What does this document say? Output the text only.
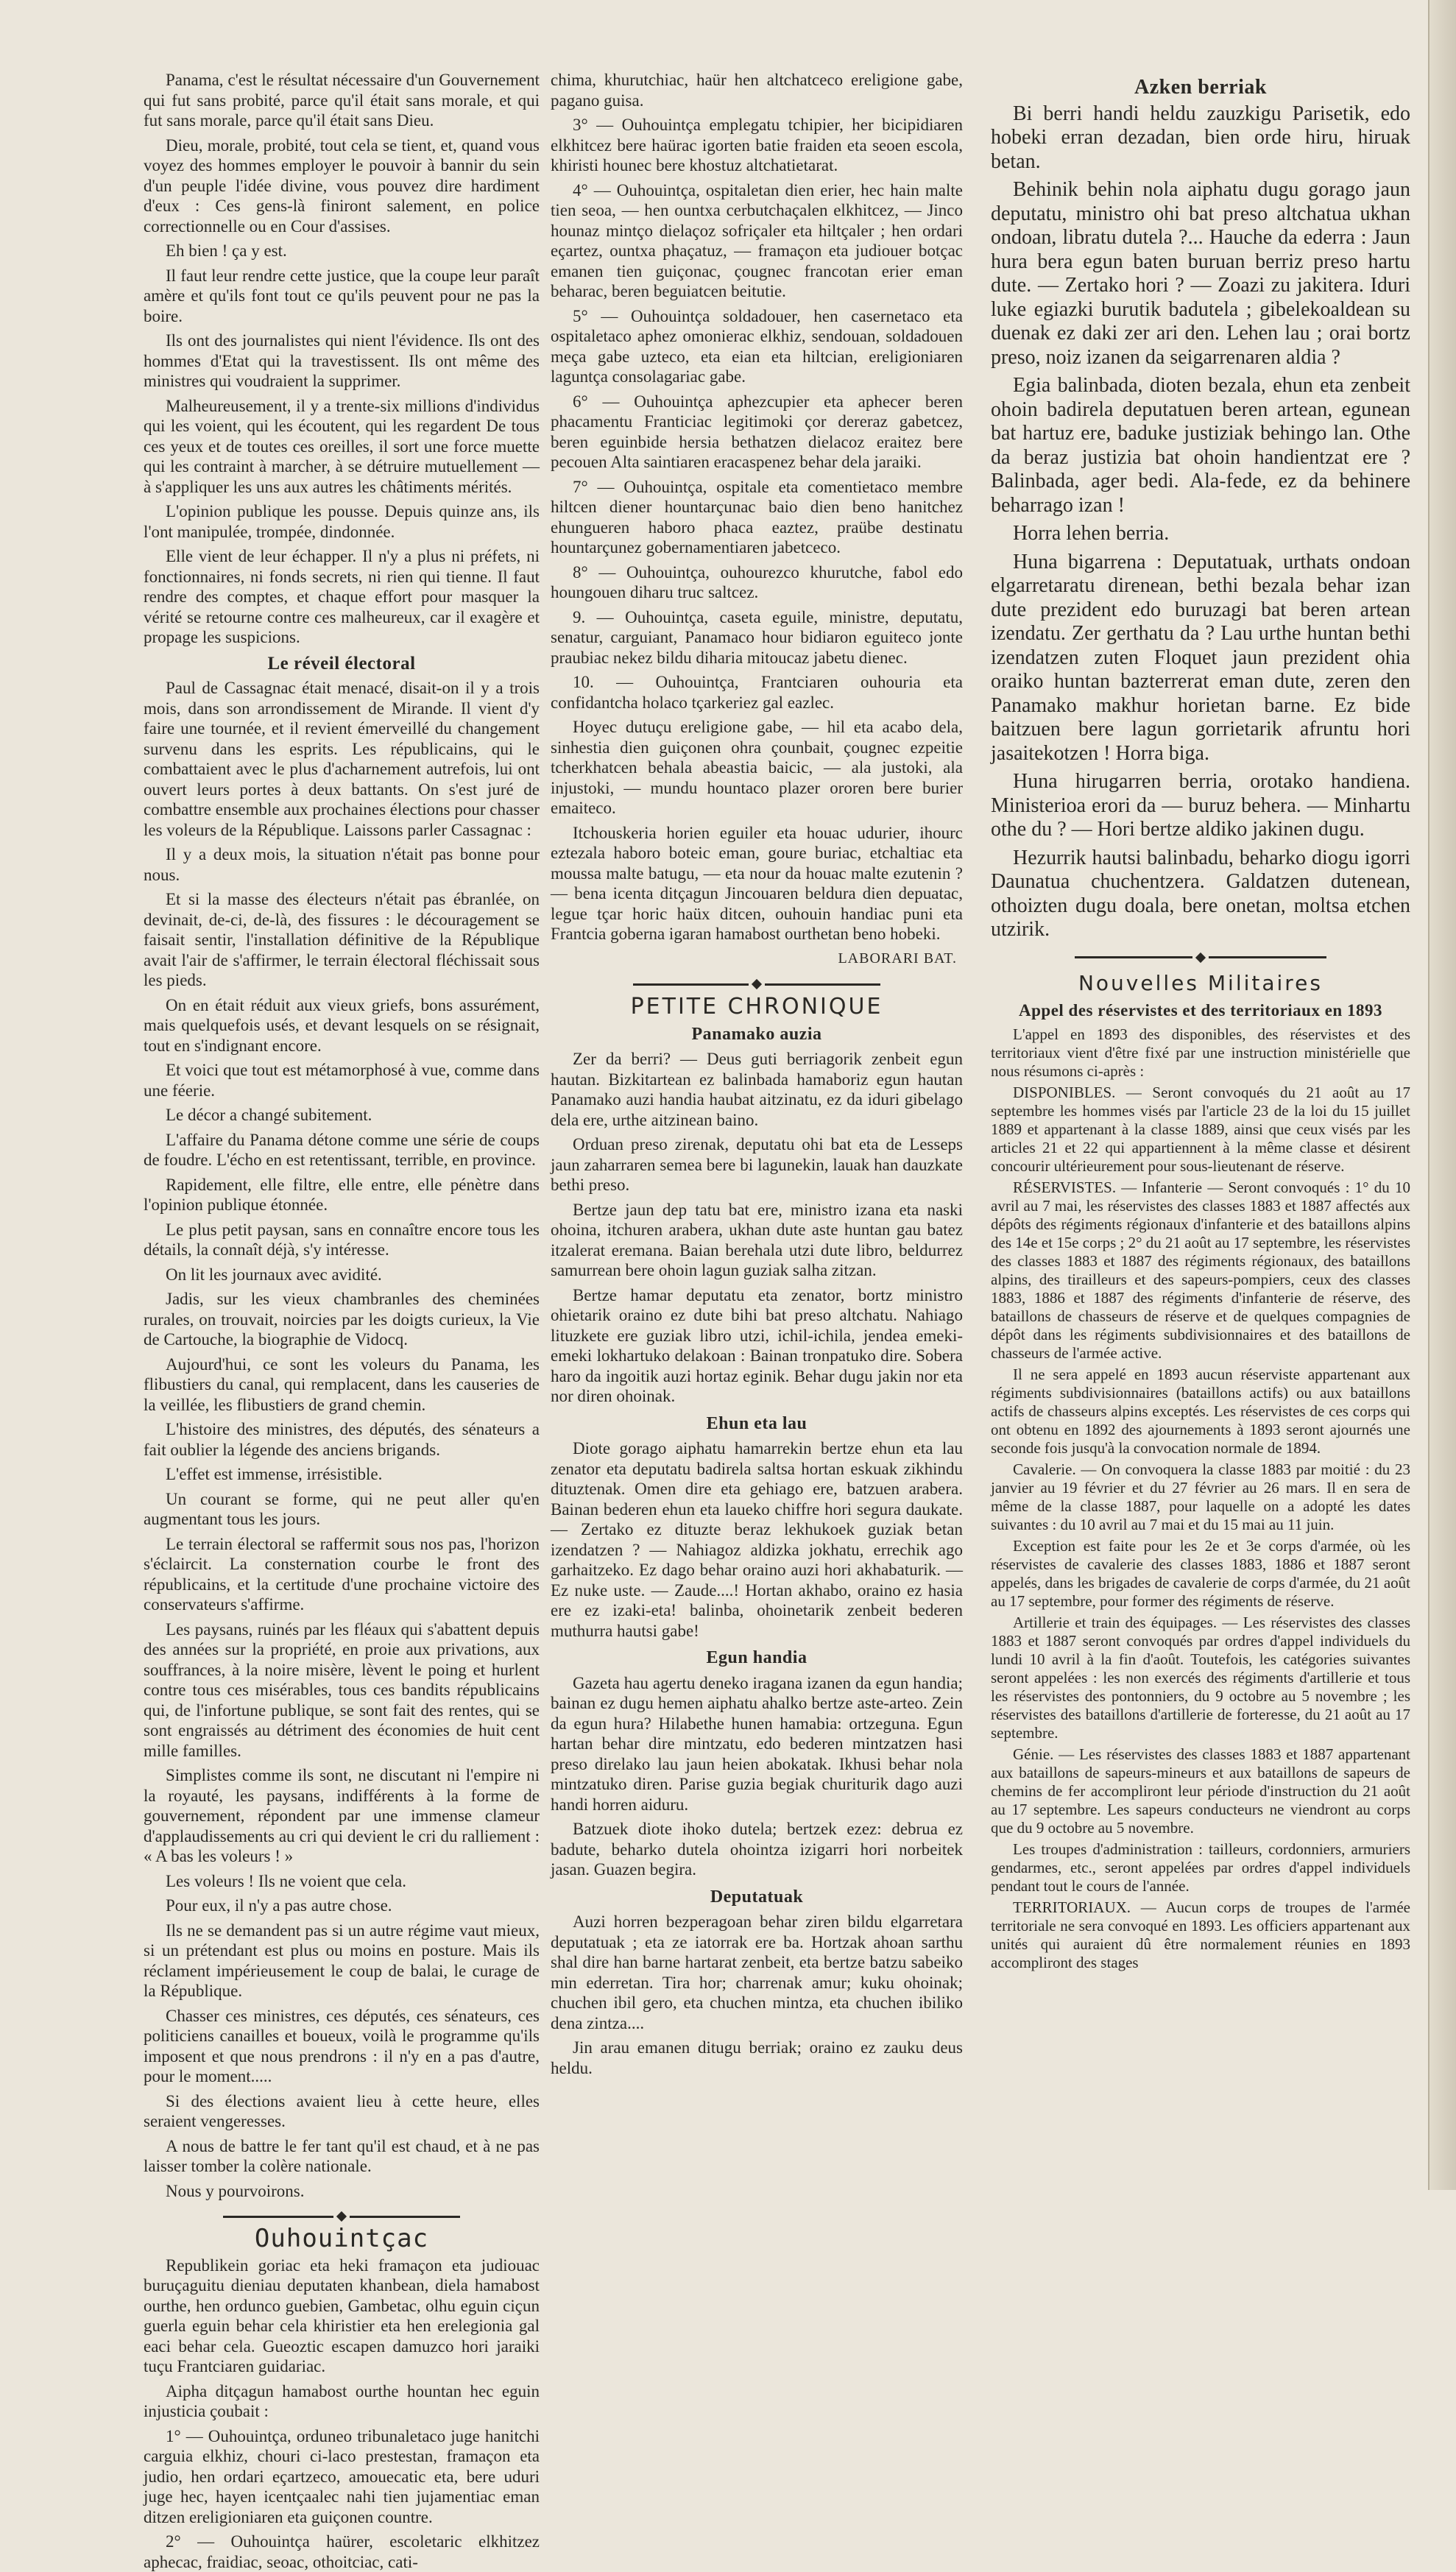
Panama, c'est le résultat nécessaire d'un Gouvernement qui fut sans probité, parce qu'il était sans morale, et qui fut sans morale, parce qu'il était sans Dieu.

Dieu, morale, probité, tout cela se tient, et, quand vous voyez des hommes employer le pouvoir à bannir du sein d'un peuple l'idée divine, vous pouvez dire hardiment d'eux : Ces gens-là finiront salement, en police correctionnelle ou en Cour d'assises.

Eh bien ! ça y est.

Il faut leur rendre cette justice, que la coupe leur paraît amère et qu'ils font tout ce qu'ils peuvent pour ne pas la boire.

Ils ont des journalistes qui nient l'évidence. Ils ont des hommes d'Etat qui la travestissent. Ils ont même des ministres qui voudraient la supprimer.

Malheureusement, il y a trente-six millions d'individus qui les voient, qui les écoutent, qui les regardent De tous ces yeux et de toutes ces oreilles, il sort une force muette qui les contraint à marcher, à se détruire mutuellement — à s'appliquer les uns aux autres les châtiments mérités.

L'opinion publique les pousse. Depuis quinze ans, ils l'ont manipulée, trompée, dindonnée.

Elle vient de leur échapper. Il n'y a plus ni préfets, ni fonctionnaires, ni fonds secrets, ni rien qui tienne. Il faut rendre des comptes, et chaque effort pour masquer la vérité se retourne contre ces malheureux, car il exagère et propage les suspicions.

Le réveil électoral

Paul de Cassagnac était menacé, disait-on il y a trois mois, dans son arrondissement de Mirande. Il vient d'y faire une tournée, et il revient émerveillé du changement survenu dans les esprits. Les républicains, qui le combattaient avec le plus d'acharnement autrefois, lui ont ouvert leurs portes à deux battants. On s'est juré de combattre ensemble aux prochaines élections pour chasser les voleurs de la République. Laissons parler Cassagnac :

Il y a deux mois, la situation n'était pas bonne pour nous.

Et si la masse des électeurs n'était pas ébranlée, on devinait, de-ci, de-là, des fissures : le découragement se faisait sentir, l'installation définitive de la République avait l'air de s'affirmer, le terrain électoral fléchissait sous les pieds.

On en était réduit aux vieux griefs, bons assurément, mais quelquefois usés, et devant lesquels on se résignait, tout en s'indignant encore.

Et voici que tout est métamorphosé à vue, comme dans une féerie.

Le décor a changé subitement.

L'affaire du Panama détone comme une série de coups de foudre. L'écho en est retentissant, terrible, en province.

Rapidement, elle filtre, elle entre, elle pénètre dans l'opinion publique étonnée.

Le plus petit paysan, sans en connaître encore tous les détails, la connaît déjà, s'y intéresse.

On lit les journaux avec avidité.

Jadis, sur les vieux chambranles des cheminées rurales, on trouvait, noircies par les doigts curieux, la Vie de Cartouche, la biographie de Vidocq.

Aujourd'hui, ce sont les voleurs du Panama, les flibustiers du canal, qui remplacent, dans les causeries de la veillée, les flibustiers de grand chemin.

L'histoire des ministres, des députés, des sénateurs a fait oublier la légende des anciens brigands.

L'effet est immense, irrésistible.

Un courant se forme, qui ne peut aller qu'en augmentant tous les jours.

Le terrain électoral se raffermit sous nos pas, l'horizon s'éclaircit. La consternation courbe le front des républicains, et la certitude d'une prochaine victoire des conservateurs s'affirme.

Les paysans, ruinés par les fléaux qui s'abattent depuis des années sur la propriété, en proie aux privations, aux souffrances, à la noire misère, lèvent le poing et hurlent contre tous ces misérables, tous ces bandits républicains qui, de l'infortune publique, se sont fait des rentes, qui se sont engraissés au détriment des économies de huit cent mille familles.

Simplistes comme ils sont, ne discutant ni l'empire ni la royauté, les paysans, indifférents à la forme de gouvernement, répondent par une immense clameur d'applaudissements au cri qui devient le cri du ralliement : « A bas les voleurs ! »

Les voleurs ! Ils ne voient que cela.

Pour eux, il n'y a pas autre chose.

Ils ne se demandent pas si un autre régime vaut mieux, si un prétendant est plus ou moins en posture. Mais ils réclament impérieusement le coup de balai, le curage de la République.

Chasser ces ministres, ces députés, ces sénateurs, ces politiciens canailles et boueux, voilà le programme qu'ils imposent et que nous prendrons : il n'y en a pas d'autre, pour le moment.....

Si des élections avaient lieu à cette heure, elles seraient vengeresses.

A nous de battre le fer tant qu'il est chaud, et à ne pas laisser tomber la colère nationale.

Nous y pourvoirons.

Ouhouintçac

Republikein goriac eta heki framaçon eta judiouac buruçaguitu dieniau deputaten khanbean, diela hamabost ourthe, hen ordunco guebien, Gambetac, olhu eguin ciçun guerla eguin behar cela khiristier eta hen erelegionia gal eaci behar cela. Gueoztic escapen damuzco hori jaraiki tuçu Frantciaren guidariac.

Aipha ditçagun hamabost ourthe hountan hec eguin injusticia çoubait :

1° — Ouhouintça, orduneo tribunaletaco juge hanitchi carguia elkhiz, chouri ci-laco prestestan, framaçon eta judio, hen ordari eçartzeco, amouecatic eta, bere uduri juge hec, hayen icentçaalec nahi tien jujamentiac eman ditzen ereligioniaren eta guiçonen countre.

2° — Ouhouintça haürer, escoletaric elkhitzez aphecac, fraidiac, seoac, othoitciac, cati-

chima, khurutchiac, haür hen altchatceco ereligione gabe, pagano guisa.

3° — Ouhouintça emplegatu tchipier, her bicipidiaren elkhitcez bere haürac igorten batie fraiden eta seoen escola, khiristi hounec bere khostuz altchatietarat.

4° — Ouhouintça, ospitaletan dien erier, hec hain malte tien seoa, — hen ountxa cerbutchaçalen elkhitcez, — Jinco hounaz mintço dielaçoz sofriçaler eta hiltçaler ; hen ordari eçartez, ountxa phaçatuz, — framaçon eta judiouer botçac emanen tien guiçonac, çougnec francotan erier eman beharac, beren beguiatcen beitutie.

5° — Ouhouintça soldadouer, hen casernetaco eta ospitaletaco aphez omonierac elkhiz, sendouan, soldadouen meça gabe uzteco, eta eian eta hiltcian, ereligioniaren laguntça consolagariac gabe.

6° — Ouhouintça aphezcupier eta aphecer beren phacamentu Franticiac legitimoki çor dereraz gabetcez, beren eguinbide hersia bethatzen dielacoz eraitez bere pecouen Alta saintiaren eracaspenez behar dela jaraiki.

7° — Ouhouintça, ospitale eta comentietaco membre hiltcen diener hountarçunac baio dien beno hanitchez ehungueren haboro phaca eaztez, praübe destinatu hountarçunez gobernamentiaren jabetceco.

8° — Ouhouintça, ouhourezco khurutche, fabol edo houngouen diharu truc saltcez.

9. — Ouhouintça, caseta eguile, ministre, deputatu, senatur, carguiant, Panamaco hour bidiaron eguiteco jonte praubiac nekez bildu diharia mitoucaz jabetu dienec.

10. — Ouhouintça, Frantciaren ouhouria eta confidantcha holaco tçarkeriez gal eazlec.

Hoyec dutuçu ereligione gabe, — hil eta acabo dela, sinhestia dien guiçonen ohra çounbait, çougnec ezpeitie tcherkhatcen behala abeastia baicic, — ala justoki, ala injustoki, — mundu hountaco plazer ororen bere burier emaiteco.

Itchouskeria horien eguiler eta houac udurier, ihourc eztezala haboro boteic eman, goure buriac, etchaltiac eta moussa malte batugu, — eta nour da houac malte ezutenin ? — bena icenta ditçagun Jincouaren beldura dien depuatac, legue tçar horic haüx ditcen, ouhouin handiac puni eta Frantcia goberna igaran hamabost ourthetan beno hobeki.

LABORARI BAT.
PETITE CHRONIQUE
Panamako auzia

Zer da berri? — Deus guti berriagorik zenbeit egun hautan. Bizkitartean ez balinbada hamaboriz egun hautan Panamako auzi handia haubat aitzinatu, ez da iduri gibelago dela ere, urthe aitzinean baino.

Orduan preso zirenak, deputatu ohi bat eta de Lesseps jaun zaharraren semea bere bi lagunekin, lauak han dauzkate bethi preso.

Bertze jaun dep tatu bat ere, ministro izana eta naski ohoina, itchuren arabera, ukhan dute aste huntan gau batez itzalerat eremana. Baian berehala utzi dute libro, beldurrez samurrean bere ohoin lagun guziak salha zitzan.

Bertze hamar deputatu eta zenator, bortz ministro ohietarik oraino ez dute bihi bat preso altchatu. Nahiago lituzkete ere guziak libro utzi, ichil-ichila, jendea emeki-emeki lokhartuko delakoan : Bainan tronpatuko dire. Sobera haro da ingoitik auzi hortaz eginik. Behar dugu jakin nor eta nor diren ohoinak.

Ehun eta lau

Diote gorago aiphatu hamarrekin bertze ehun eta lau zenator eta deputatu badirela saltsa hortan eskuak zikhindu dituztenak. Omen dire eta gehiago ere, batzuen arabera. Bainan bederen ehun eta laueko chiffre hori segura daukate. — Zertako ez dituzte beraz lekhukoek guziak betan izendatzen ? — Nahiagoz aldizka jokhatu, errechik ago garhaitzeko. Ez dago behar oraino auzi hori akhabaturik. — Ez nuke uste. — Zaude....! Hortan akhabo, oraino ez hasia ere ez izaki-eta! balinba, ohoinetarik zenbeit bederen muthurra hautsi gabe!

Egun handia

Gazeta hau agertu deneko iragana izanen da egun handia; bainan ez dugu hemen aiphatu ahalko bertze aste-arteo. Zein da egun hura? Hilabethe hunen hamabia: ortzeguna. Egun hartan behar dire mintzatu, edo bederen mintzatzen hasi preso direlako lau jaun heien abokatak. Ikhusi behar nola mintzatuko diren. Parise guzia begiak churiturik dago auzi handi horren aiduru.

Batzuek diote ihoko dutela; bertzek ezez: debrua ez badute, beharko dutela ohointza izigarri hori norbeitek jasan. Guazen begira.

Deputatuak

Auzi horren bezperagoan behar ziren bildu elgarretara deputatuak ; eta ze iatorrak ere ba. Hortzak ahoan sarthu shal dire han barne hartarat zenbeit, eta bertze batzu sabeiko min ederretan. Tira hor; charrenak amur; kuku ohoinak; chuchen ibil gero, eta chuchen mintza, eta chuchen ibiliko dena zintza....

Jin arau emanen ditugu berriak; oraino ez zauku deus heldu.

Azken berriak

Bi berri handi heldu zauzkigu Parisetik, edo hobeki erran dezadan, bien orde hiru, hiruak betan.

Behinik behin nola aiphatu dugu gorago jaun deputatu, ministro ohi bat preso altchatua ukhan ondoan, libratu dutela ?... Hauche da ederra : Jaun hura bera egun baten buruan berriz preso hartu dute. — Zertako hori ? — Zoazi zu jakitera. Iduri luke egiazki burutik badutela ; gibelekoaldean su duenak ez daki zer ari den. Lehen lau ; orai bortz preso, noiz izanen da seigarrenaren aldia ?

Egia balinbada, dioten bezala, ehun eta zenbeit ohoin badirela deputatuen beren artean, egunean bat hartuz ere, baduke justiziak behingo lan. Othe da beraz justizia bat ohoin handientzat ere ? Balinbada, ager bedi. Ala-fede, ez da behinere beharrago izan !

Horra lehen berria.

Huna bigarrena : Deputatuak, urthats ondoan elgarretaratu direnean, bethi bezala behar izan dute prezident edo buruzagi bat beren artean izendatu. Zer gerthatu da ? Lau urthe huntan bethi izendatzen zuten Floquet jaun prezident ohia oraiko huntan bazterrerat eman dute, zeren den Panamako makhur horietan barne. Ez bide baitzuen bere lagun gorrietarik afruntu hori jasaitekotzen ! Horra biga.

Huna hirugarren berria, orotako handiena. Ministerioa erori da — buruz behera. — Minhartu othe du ? — Hori bertze aldiko jakinen dugu.

Hezurrik hautsi balinbadu, beharko diogu igorri Daunatua chuchentzera. Galdatzen dutenean, othoizten dugu doala, bere onetan, moltsa etchen utzirik.

Nouvelles Militaires
Appel des réservistes et des territoriaux en 1893

L'appel en 1893 des disponibles, des réservistes et des territoriaux vient d'être fixé par une instruction ministérielle que nous résumons ci-après :

DISPONIBLES. — Seront convoqués du 21 août au 17 septembre les hommes visés par l'article 23 de la loi du 15 juillet 1889 et appartenant à la classe 1889, ainsi que ceux visés par les articles 21 et 22 qui appartiennent à la même classe et désirent concourir ultérieurement pour sous-lieutenant de réserve.

RÉSERVISTES. — Infanterie — Seront convoqués : 1° du 10 avril au 7 mai, les réservistes des classes 1883 et 1887 affectés aux dépôts des régiments régionaux d'infanterie et des bataillons alpins des 14e et 15e corps ; 2° du 21 août au 17 septembre, les réservistes des classes 1883 et 1887 des régiments régionaux, des bataillons alpins, des tirailleurs et des sapeurs-pompiers, ceux des classes 1883, 1886 et 1887 des régiments d'infanterie de réserve, des bataillons de chasseurs de réserve et de quelques compagnies de dépôt dans les régiments subdivisionnaires et des bataillons de chasseurs de l'armée active.

Il ne sera appelé en 1893 aucun réserviste appartenant aux régiments subdivisionnaires (bataillons actifs) ou aux bataillons actifs de chasseurs alpins exceptés. Les réservistes de ces corps qui ont obtenu en 1892 des ajournements à 1893 seront ajournés une seconde fois jusqu'à la convocation normale de 1894.

Cavalerie. — On convoquera la classe 1883 par moitié : du 23 janvier au 19 février et du 27 février au 26 mars. Il en sera de même de la classe 1887, pour laquelle on a adopté les dates suivantes : du 10 avril au 7 mai et du 15 mai au 11 juin.

Exception est faite pour les 2e et 3e corps d'armée, où les réservistes de cavalerie des classes 1883, 1886 et 1887 seront appelés, dans les brigades de cavalerie de corps d'armée, du 21 août au 17 septembre, pour former des régiments de réserve.

Artillerie et train des équipages. — Les réservistes des classes 1883 et 1887 seront convoqués par ordres d'appel individuels du lundi 10 avril à la fin d'août. Toutefois, les catégories suivantes seront appelées : les non exercés des régiments d'artillerie et tous les réservistes des pontonniers, du 9 octobre au 5 novembre ; les réservistes des bataillons d'artillerie de forteresse, du 21 août au 17 septembre.

Génie. — Les réservistes des classes 1883 et 1887 appartenant aux bataillons de sapeurs-mineurs et aux bataillons de sapeurs de chemins de fer accompliront leur période d'instruction du 21 août au 17 septembre. Les sapeurs conducteurs ne viendront au corps que du 9 octobre au 5 novembre.

Les troupes d'administration : tailleurs, cordonniers, armuriers gendarmes, etc., seront appelées par ordres d'appel individuels pendant tout le cours de l'année.

TERRITORIAUX. — Aucun corps de troupes de l'armée territoriale ne sera convoqué en 1893. Les officiers appartenant aux unités qui auraient dû être normalement réunies en 1893 accompliront des stages
